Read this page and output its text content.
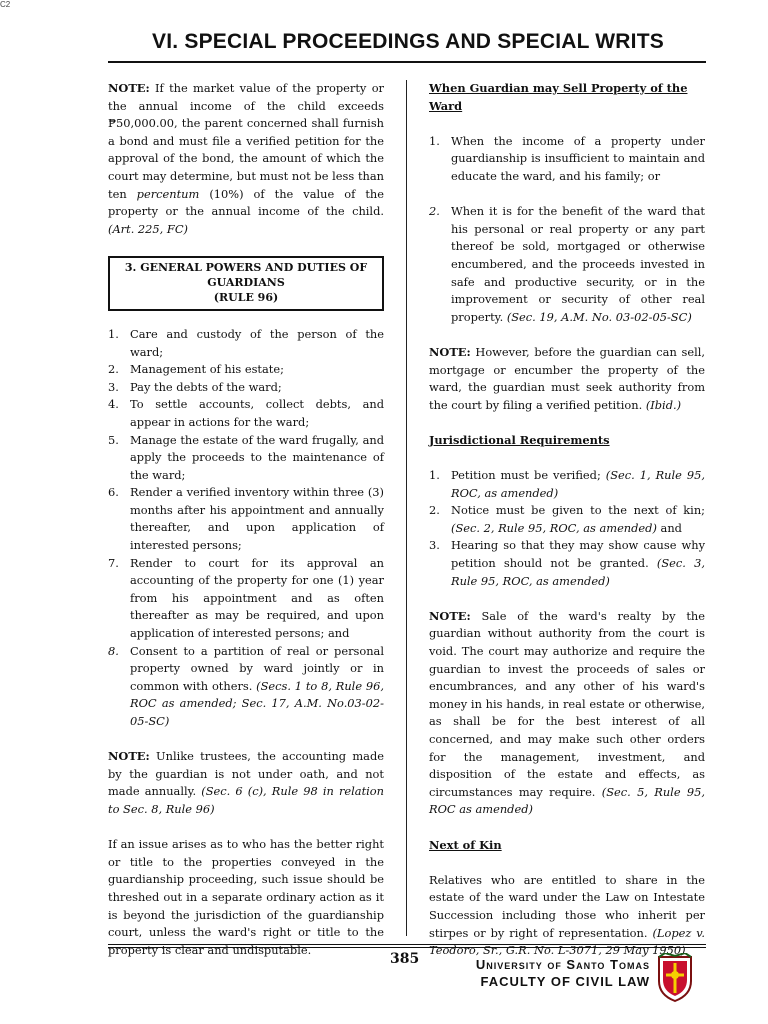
C2
VI. SPECIAL PROCEEDINGS AND SPECIAL WRITS

NOTE: If the market value of the property or the annual income of the child exceeds ₱50,000.00, the parent concerned shall furnish a bond and must file a verified petition for the approval of the bond, the amount of which the court may determine, but must not be less than ten percentum (10%) of the value of the property or the annual income of the child. (Art. 225, FC)

3. GENERAL POWERS AND DUTIES OF GUARDIANS
(RULE 96)
1. Care and custody of the person of the ward;
2. Management of his estate;
3. Pay the debts of the ward;
4. To settle accounts, collect debts, and appear in actions for the ward;
5. Manage the estate of the ward frugally, and apply the proceeds to the maintenance of the ward;
6. Render a verified inventory within three (3) months after his appointment and annually thereafter, and upon application of interested persons;
7. Render to court for its approval an accounting of the property for one (1) year from his appointment and as often thereafter as may be required, and upon application of interested persons; and
8. Consent to a partition of real or personal property owned by ward jointly or in common with others. (Secs. 1 to 8, Rule 96, ROC as amended; Sec. 17, A.M. No.03-02-05-SC)

NOTE: Unlike trustees, the accounting made by the guardian is not under oath, and not made annually. (Sec. 6 (c), Rule 98 in relation to Sec. 8, Rule 96)

If an issue arises as to who has the better right or title to the properties conveyed in the guardianship proceeding, such issue should be threshed out in a separate ordinary action as it is beyond the jurisdiction of the guardianship court, unless the ward's right or title to the property is clear and undisputable.

When Guardian may Sell Property of the Ward
1. When the income of a property under guardianship is insufficient to maintain and educate the ward, and his family; or
2. When it is for the benefit of the ward that his personal or real property or any part thereof be sold, mortgaged or otherwise encumbered, and the proceeds invested in safe and productive security, or in the improvement or security of other real property. (Sec. 19, A.M. No. 03-02-05-SC)

NOTE: However, before the guardian can sell, mortgage or encumber the property of the ward, the guardian must seek authority from the court by filing a verified petition. (Ibid.)

Jurisdictional Requirements
1. Petition must be verified; (Sec. 1, Rule 95, ROC, as amended)
2. Notice must be given to the next of kin; (Sec. 2, Rule 95, ROC, as amended) and
3. Hearing so that they may show cause why petition should not be granted. (Sec. 3, Rule 95, ROC, as amended)

NOTE: Sale of the ward's realty by the guardian without authority from the court is void. The court may authorize and require the guardian to invest the proceeds of sales or encumbrances, and any other of his ward's money in his hands, in real estate or otherwise, as shall be for the best interest of all concerned, and may make such other orders for the management, investment, and disposition of the estate and effects, as circumstances may require. (Sec. 5, Rule 95, ROC as amended)

Next of Kin

Relatives who are entitled to share in the estate of the ward under the Law on Intestate Succession including those who inherit per stirpes or by right of representation. (Lopez v. Teodoro, Sr., G.R. No. L-3071, 29 May 1950)

385	University of Santo Tomas
FACULTY OF CIVIL LAW
